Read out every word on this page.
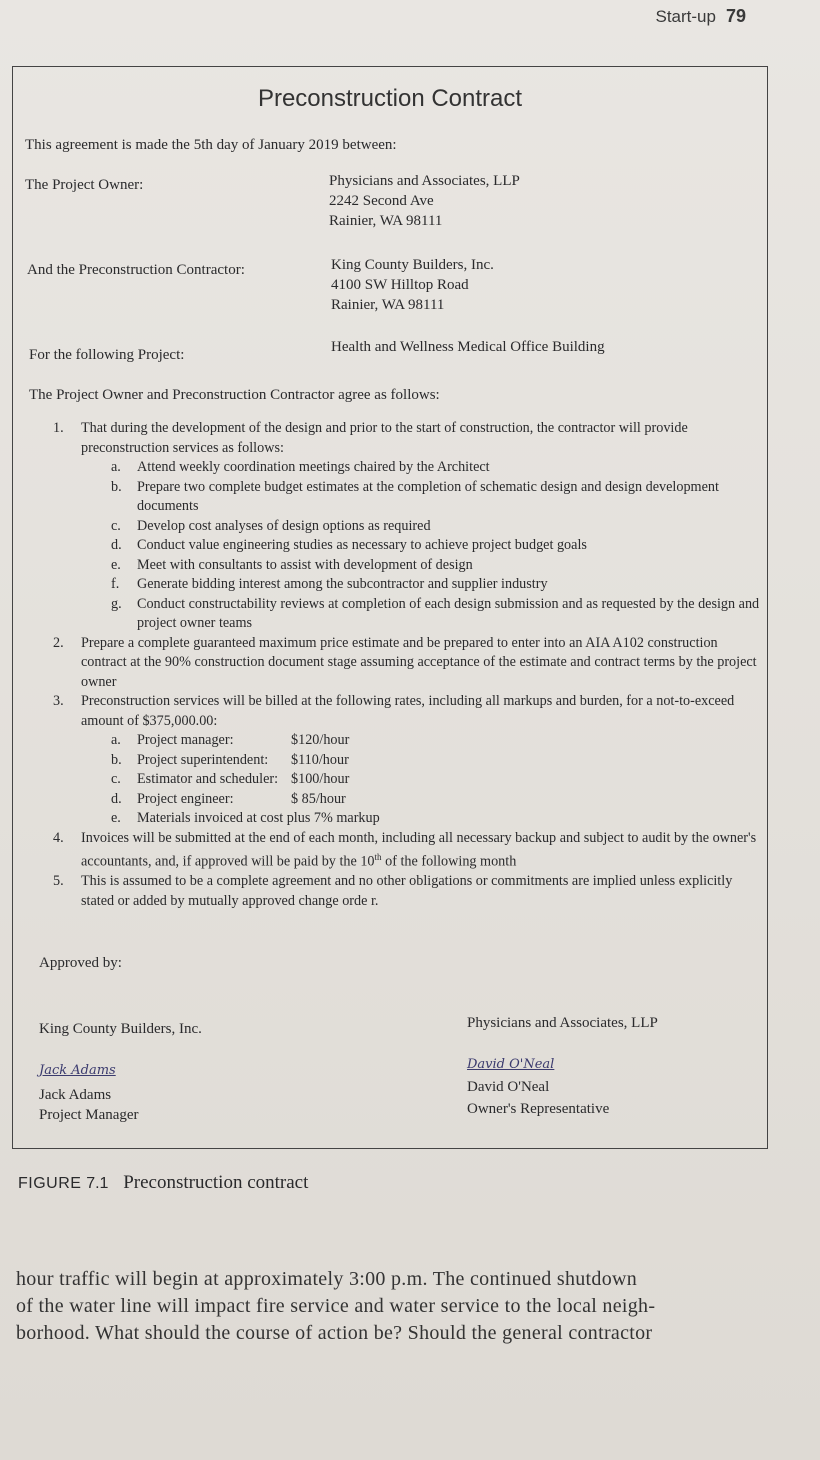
Start-up 79
Preconstruction Contract
This agreement is made the 5th day of January 2019 between:
The Project Owner:	Physicians and Associates, LLP
2242 Second Ave
Rainier, WA 98111
And the Preconstruction Contractor:	King County Builders, Inc.
4100 SW Hilltop Road
Rainier, WA 98111
For the following Project:	Health and Wellness Medical Office Building
The Project Owner and Preconstruction Contractor agree as follows:
1.	That during the development of the design and prior to the start of construction, the contractor will provide preconstruction services as follows:
a.	Attend weekly coordination meetings chaired by the Architect
b.	Prepare two complete budget estimates at the completion of schematic design and design development documents
c.	Develop cost analyses of design options as required
d.	Conduct value engineering studies as necessary to achieve project budget goals
e.	Meet with consultants to assist with development of design
f.	Generate bidding interest among the subcontractor and supplier industry
g.	Conduct constructability reviews at completion of each design submission and as requested by the design and project owner teams
2.	Prepare a complete guaranteed maximum price estimate and be prepared to enter into an AIA A102 construction contract at the 90% construction document stage assuming acceptance of the estimate and contract terms by the project owner
3.	Preconstruction services will be billed at the following rates, including all markups and burden, for a not-to-exceed amount of $375,000.00:
a.	Project manager:	$120/hour
b.	Project superintendent:	$110/hour
c.	Estimator and scheduler: $100/hour
d.	Project engineer:	$ 85/hour
e.	Materials invoiced at cost plus 7% markup
4.	Invoices will be submitted at the end of each month, including all necessary backup and subject to audit by the owner's accountants, and, if approved will be paid by the 10th of the following month
5.	This is assumed to be a complete agreement and no other obligations or commitments are implied unless explicitly stated or added by mutually approved change orde r.
Approved by:
King County Builders, Inc.
Jack Adams
Jack Adams
Project Manager
Physicians and Associates, LLP
David O'Neal
David O'Neal
Owner's Representative
FIGURE 7.1 Preconstruction contract
hour traffic will begin at approximately 3:00 p.m. The continued shutdown
of the water line will impact fire service and water service to the local neigh-
borhood. What should the course of action be? Should the general contractor
